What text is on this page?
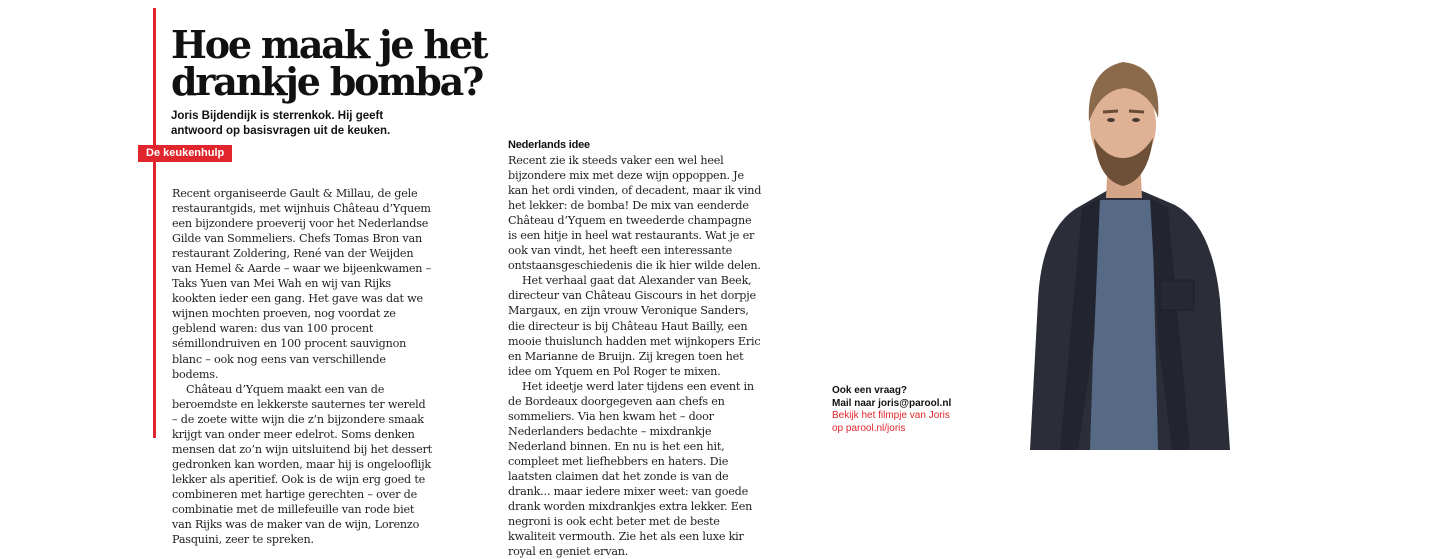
Hoe maak je het
drankje bomba?

Joris Bijdendijk is sterrenkok. Hij geeft antwoord op basisvragen uit de keuken.

De keukenhulp

Recent organiseerde Gault & Millau, de gele restaurantgids, met wijnhuis Château d’Yquem een bijzondere proeverij voor het Nederlandse Gilde van Sommeliers. Chefs Tomas Bron van restaurant Zoldering, René van der Weijden van Hemel & Aarde – waar we bijeenkwamen – Taks Yuen van Mei Wah en wij van Rijks kookten ieder een gang. Het gave was dat we wijnen mochten proeven, nog voordat ze geblend waren: dus van 100 procent sémillondruiven en 100 procent sauvignon blanc – ook nog eens van verschillende bodems.

Château d’Yquem maakt een van de beroemdste en lekkerste sauternes ter wereld – de zoete witte wijn die z’n bijzondere smaak krijgt van onder meer edelrot. Soms denken mensen dat zo’n wijn uitsluitend bij het dessert gedronken kan worden, maar hij is ongelooflijk lekker als aperitief. Ook is de wijn erg goed te combineren met hartige gerechten – over de combinatie met de millefeuille van rode biet van Rijks was de maker van de wijn, Lorenzo Pasquini, zeer te spreken.

Nederlands idee

Recent zie ik steeds vaker een wel heel bijzondere mix met deze wijn oppoppen. Je kan het ordi vinden, of decadent, maar ik vind het lekker: de bomba! De mix van eenderde Château d’Yquem en tweederde champagne is een hitje in heel wat restaurants. Wat je er ook van vindt, het heeft een interessante ontstaansgeschiedenis die ik hier wilde delen.

Het verhaal gaat dat Alexander van Beek, directeur van Château Giscours in het dorpje Margaux, en zijn vrouw Veronique Sanders, die directeur is bij Château Haut Bailly, een mooie thuislunch hadden met wijnkopers Eric en Marianne de Bruijn. Zij kregen toen het idee om Yquem en Pol Roger te mixen.

Het ideetje werd later tijdens een event in de Bordeaux doorgegeven aan chefs en sommeliers. Via hen kwam het – door Nederlanders bedachte – mixdrankje Nederland binnen. En nu is het een hit, compleet met liefhebbers en haters. Die laatsten claimen dat het zonde is van de drank... maar iedere mixer weet: van goede drank worden mixdrankjes extra lekker. Een negroni is ook echt beter met de beste kwaliteit vermouth. Zie het als een luxe kir royal en geniet ervan.

Ook een vraag?
Mail naar joris@parool.nl
Bekijk het filmpje van Joris
op parool.nl/joris
